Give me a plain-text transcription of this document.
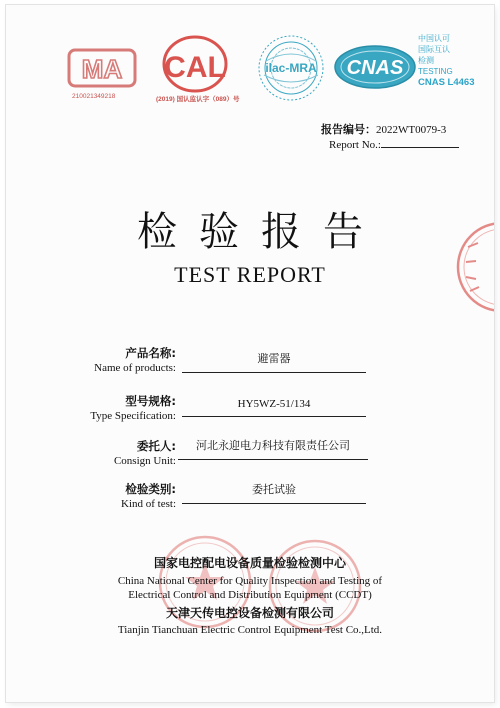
MA
210021349218
CAL
(2019) 国认监认字（089）号
ilac-MRA CNAS
中国认可
国际互认
检测
TESTING
CNAS L4463
报告编号：2022WT0079-3
Report No.:
检验报告
TEST REPORT
产品名称:
Name of products:
避雷器
型号规格:
Type Specification:
HY5WZ-51/134
委托人:
Consign Unit:
河北永迎电力科技有限责任公司
检验类别:
Kind of test:
委托试验
国家电控配电设备质量检验检测中心
China National Center for Quality Inspection and Testing of
Electrical Control and Distribution Equipment (CCDT)
天津天传电控设备检测有限公司
Tianjin Tianchuan Electric Control Equipment Test Co.,Ltd.
